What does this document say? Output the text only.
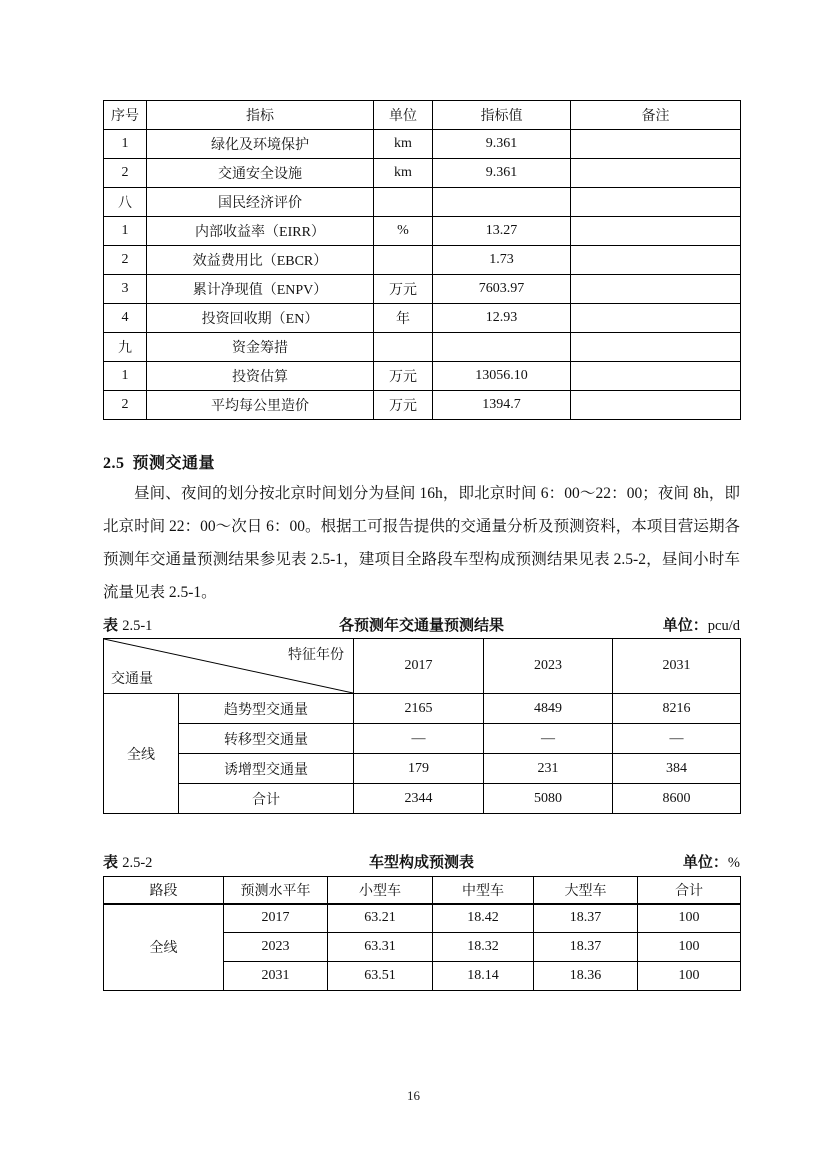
序号	指标	单位	指标值	备注
1	绿化及环境保护	km	9.361	
2	交通安全设施	km	9.361	
八	国民经济评价			
1	内部收益率（EIRR）	%	13.27	
2	效益费用比（EBCR）		1.73	
3	累计净现值（ENPV）	万元	7603.97	
4	投资回收期（EN）	年	12.93	
九	资金筹措			
1	投资估算	万元	13056.10	
2	平均每公里造价	万元	1394.7	
2.5 预测交通量

昼间、夜间的划分按北京时间划分为昼间 16h，即北京时间 6：00～22：00；夜间 8h，即北京时间 22：00～次日 6：00。根据工可报告提供的交通量分析及预测资料，本项目营运期各预测年交通量预测结果参见表 2.5-1，建项目全路段车型构成预测结果见表 2.5-2，昼间小时车流量见表 2.5-1。

表 2.5-1	各预测年交通量预测结果	单位：pcu/d
特征年份
交通量		2017	2023	2031
全线	趋势型交通量	2165	4849	8216
	转移型交通量	—	—	—
	诱增型交通量	179	231	384
	合计	2344	5080	8600
表 2.5-2	车型构成预测表	单位：%
路段	预测水平年	小型车	中型车	大型车	合计
全线	2017	63.21	18.42	18.37	100
	2023	63.31	18.32	18.37	100
	2031	63.51	18.14	18.36	100
16
